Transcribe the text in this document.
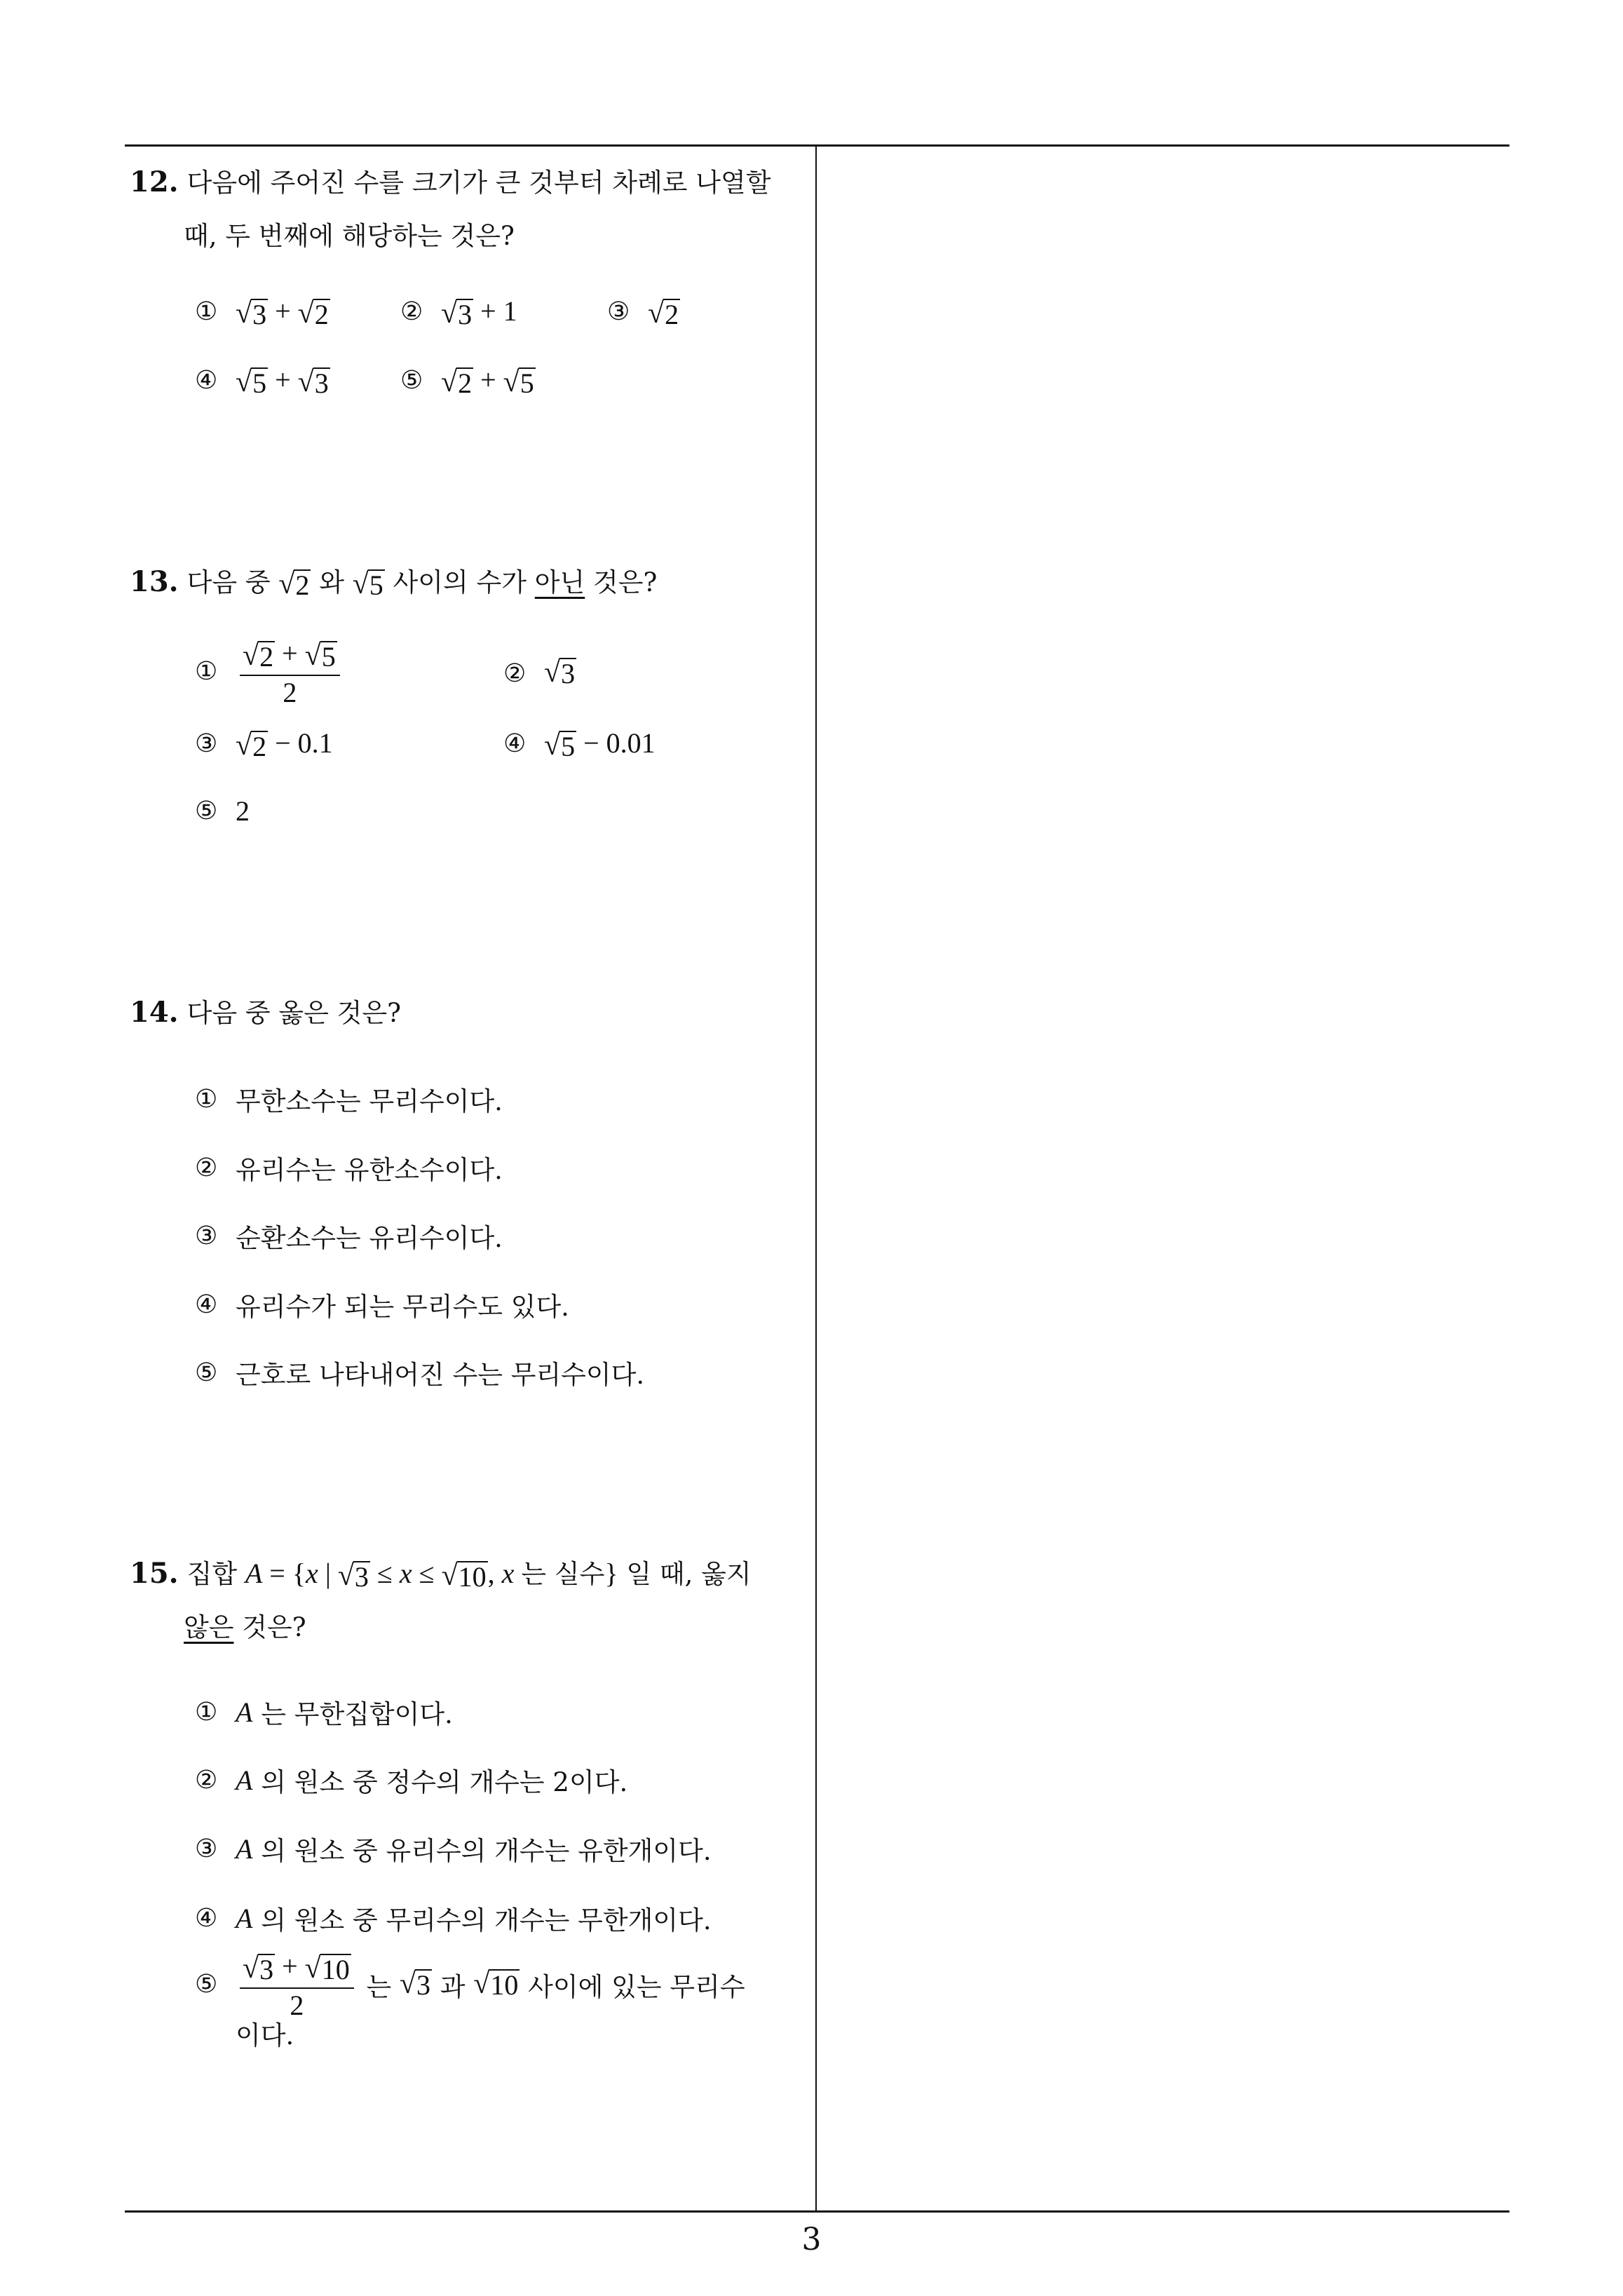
12. 다음에 주어진 수를 크기가 큰 것부터 차례로 나열할
때, 두 번째에 해당하는 것은?
① √ 3 + √ 2	② √ 3 + 1	③ √ 2
④ √ 5 + √ 3	⑤ √ 2 + √ 5
13. 다음 중 √ 2 와 √ 5 사이의 수가 아닌 것은?
① $\frac{√ 2 + √ 5}{2}$	② √ 3
③ √ 2 − 0.1	④ √ 5 − 0.01
⑤ 2
14. 다음 중 옳은 것은?
① 무한소수는 무리수이다.
② 유리수는 유한소수이다.
③ 순환소수는 유리수이다.
④ 유리수가 되는 무리수도 있다.
⑤ 근호로 나타내어진 수는 무리수이다.
15. 집합 A = {x | √ 3 ≤ x ≤ √ 10 , x 는 실수} 일 때, 옳지
않은 것은?
① A
는 무한집합이다.
② A
의 원소 중 정수의 개수는 2이다.
③ A
의 원소 중 유리수의 개수는 유한개이다.
④ A
의 원소 중 무리수의 개수는 무한개이다.
⑤ $\frac{√ 3 + √ 10}{2}$
는
√ 3
과
√ 10
사이에 있는 무리수
이다.
3
